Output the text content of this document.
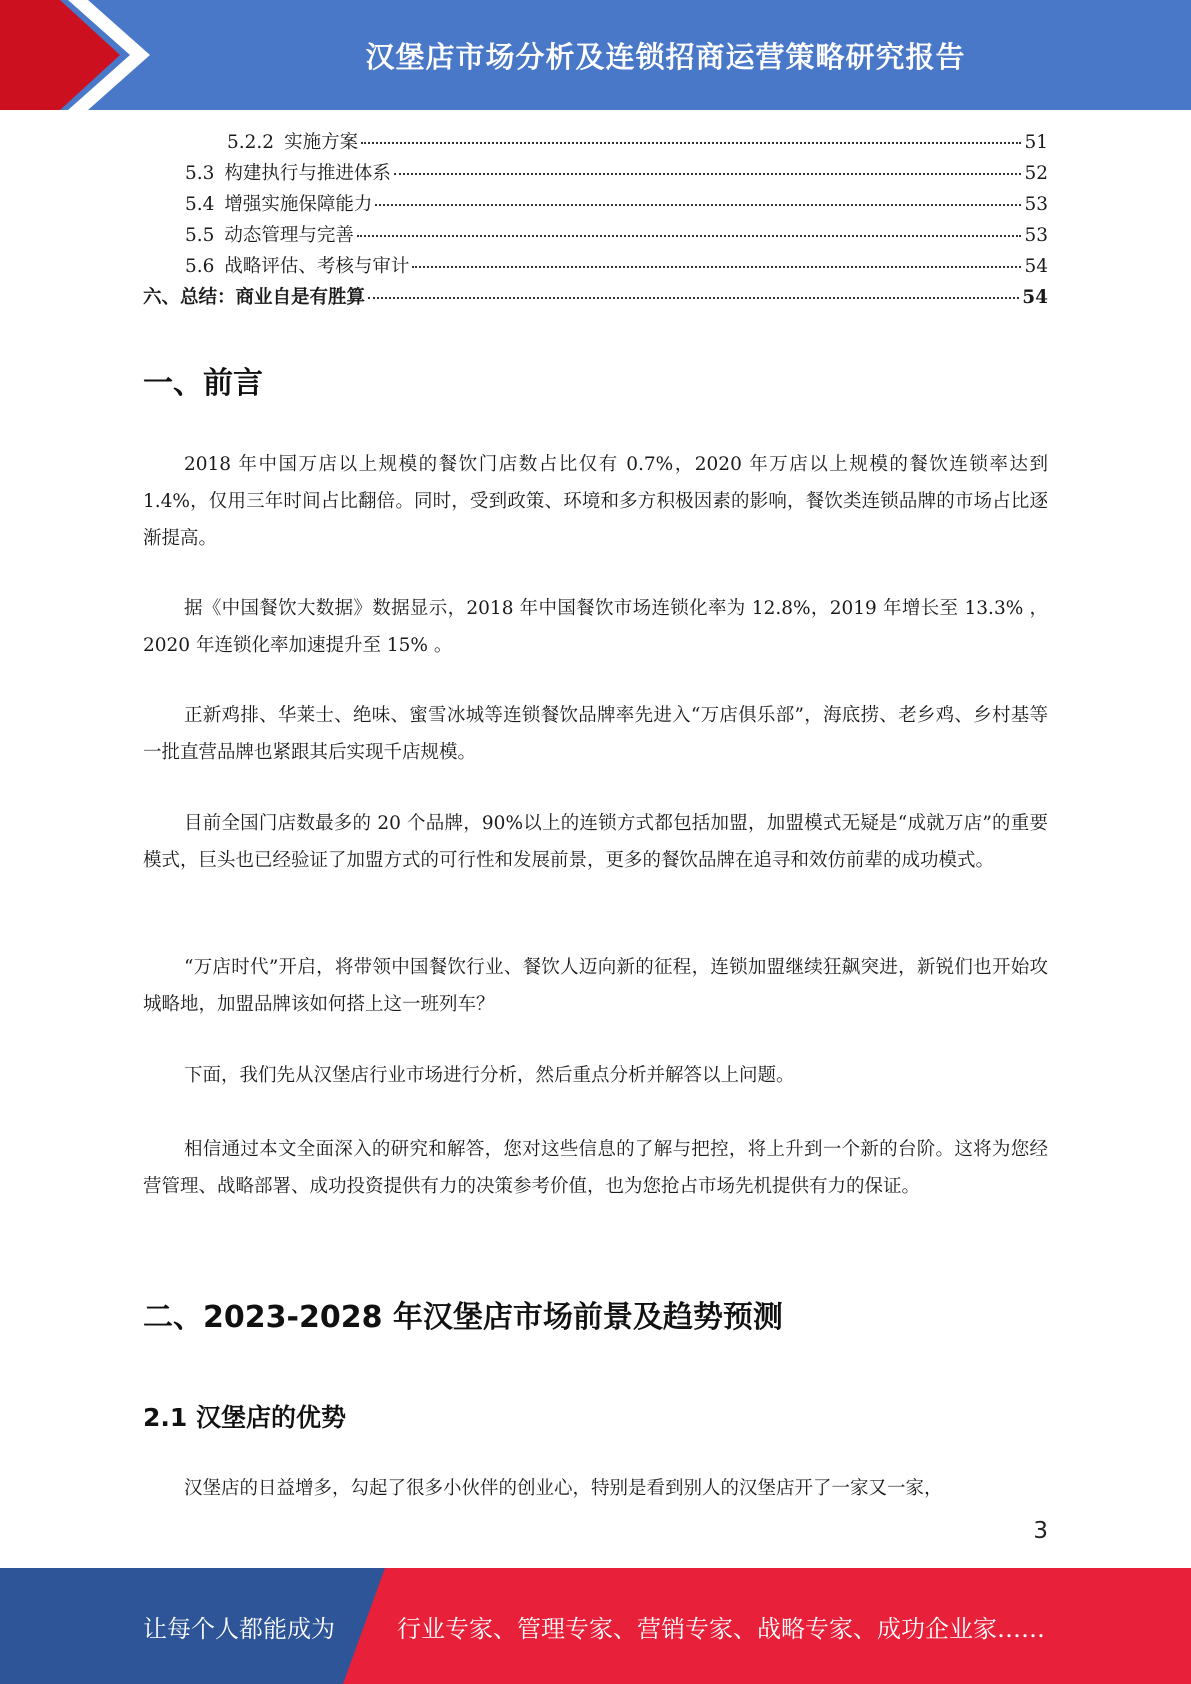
汉堡店市场分析及连锁招商运营策略研究报告
5.2.2 实施方案	51
5.3 构建执行与推进体系	52
5.4 增强实施保障能力	53
5.5 动态管理与完善	53
5.6 战略评估、考核与审计	54
六、总结：商业自是有胜算	54
一、前言

2018 年中国万店以上规模的餐饮门店数占比仅有 0.7%，2020 年万店以上规模的餐饮连锁率达到 1.4%，仅用三年时间占比翻倍。同时，受到政策、环境和多方积极因素的影响，餐饮类连锁品牌的市场占比逐渐提高。

据《中国餐饮大数据》数据显示，2018 年中国餐饮市场连锁化率为 12.8%，2019 年增长至 13.3% ，2020 年连锁化率加速提升至 15% 。

正新鸡排、华莱士、绝味、蜜雪冰城等连锁餐饮品牌率先进入“万店俱乐部”，海底捞、老乡鸡、乡村基等一批直营品牌也紧跟其后实现千店规模。

目前全国门店数最多的 20 个品牌，90%以上的连锁方式都包括加盟，加盟模式无疑是“成就万店”的重要模式，巨头也已经验证了加盟方式的可行性和发展前景，更多的餐饮品牌在追寻和效仿前辈的成功模式。

“万店时代”开启，将带领中国餐饮行业、餐饮人迈向新的征程，连锁加盟继续狂飙突进，新锐们也开始攻城略地，加盟品牌该如何搭上这一班列车？

下面，我们先从汉堡店行业市场进行分析，然后重点分析并解答以上问题。

相信通过本文全面深入的研究和解答，您对这些信息的了解与把控，将上升到一个新的台阶。这将为您经营管理、战略部署、成功投资提供有力的决策参考价值，也为您抢占市场先机提供有力的保证。

二、2023-2028 年汉堡店市场前景及趋势预测
2.1 汉堡店的优势

汉堡店的日益增多，勾起了很多小伙伴的创业心，特别是看到别人的汉堡店开了一家又一家，

3
让每个人都能成为	行业专家、管理专家、营销专家、战略专家、成功企业家……
